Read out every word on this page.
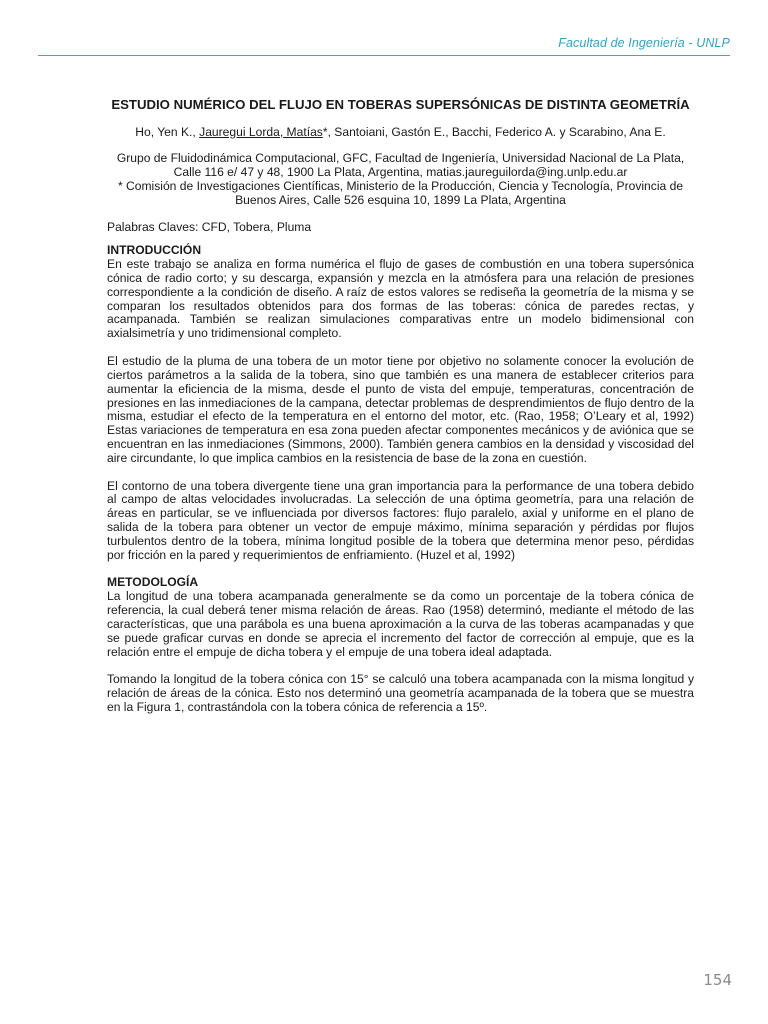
Facultad de Ingeniería - UNLP
ESTUDIO NUMÉRICO DEL FLUJO EN TOBERAS SUPERSÓNICAS DE DISTINTA GEOMETRÍA
Ho, Yen K., Jauregui Lorda, Matías*, Santoiani, Gastón E., Bacchi, Federico A. y Scarabino, Ana E.
Grupo de Fluidodinámica Computacional, GFC, Facultad de Ingeniería, Universidad Nacional de La Plata, Calle 116 e/ 47 y 48, 1900 La Plata, Argentina, matias.jaureguilorda@ing.unlp.edu.ar
* Comisión de Investigaciones Científicas, Ministerio de la Producción, Ciencia y Tecnología, Provincia de Buenos Aires, Calle 526 esquina 10, 1899 La Plata, Argentina
Palabras Claves: CFD, Tobera, Pluma
INTRODUCCIÓN

En este trabajo se analiza en forma numérica el flujo de gases de combustión en una tobera supersónica cónica de radio corto; y su descarga, expansión y mezcla en la atmósfera para una relación de presiones correspondiente a la condición de diseño. A raíz de estos valores se rediseña la geometría de la misma y se comparan los resultados obtenidos para dos formas de las toberas: cónica de paredes rectas, y acampanada. También se realizan simulaciones comparativas entre un modelo bidimensional con axialsimetría y uno tridimensional completo.

El estudio de la pluma de una tobera de un motor tiene por objetivo no solamente conocer la evolución de ciertos parámetros a la salida de la tobera, sino que también es una manera de establecer criterios para aumentar la eficiencia de la misma, desde el punto de vista del empuje, temperaturas, concentración de presiones en las inmediaciones de la campana, detectar problemas de desprendimientos de flujo dentro de la misma, estudiar el efecto de la temperatura en el entorno del motor, etc. (Rao, 1958; O’Leary et al, 1992) Estas variaciones de temperatura en esa zona pueden afectar componentes mecánicos y de aviónica que se encuentran en las inmediaciones (Simmons, 2000). También genera cambios en la densidad y viscosidad del aire circundante, lo que implica cambios en la resistencia de base de la zona en cuestión.

El contorno de una tobera divergente tiene una gran importancia para la performance de una tobera debido al campo de altas velocidades involucradas. La selección de una óptima geometría, para una relación de áreas en particular, se ve influenciada por diversos factores: flujo paralelo, axial y uniforme en el plano de salida de la tobera para obtener un vector de empuje máximo, mínima separación y pérdidas por flujos turbulentos dentro de la tobera, mínima longitud posible de la tobera que determina menor peso, pérdidas por fricción en la pared y requerimientos de enfriamiento. (Huzel et al, 1992)

METODOLOGÍA

La longitud de una tobera acampanada generalmente se da como un porcentaje de la tobera cónica de referencia, la cual deberá tener misma relación de áreas. Rao (1958) determinó, mediante el método de las características, que una parábola es una buena aproximación a la curva de las toberas acampanadas y que se puede graficar curvas en donde se aprecia el incremento del factor de corrección al empuje, que es la relación entre el empuje de dicha tobera y el empuje de una tobera ideal adaptada.

Tomando la longitud de la tobera cónica con 15° se calculó una tobera acampanada con la misma longitud y relación de áreas de la cónica. Esto nos determinó una geometría acampanada de la tobera que se muestra en la Figura 1, contrastándola con la tobera cónica de referencia a 15º.

154
